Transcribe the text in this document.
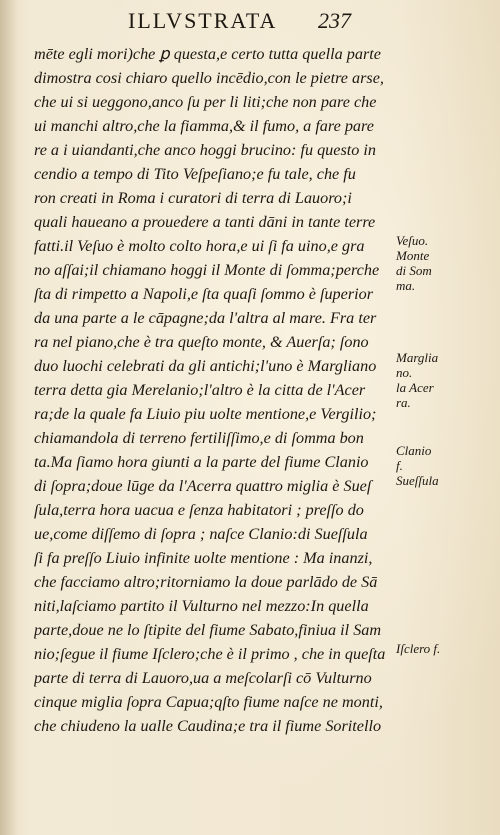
ILLVSTRATA 237
mēte egli mori)che ꝑ questa,e certo tutta quella parte
dimostra cosi chiaro quello incēdio,con le pietre arse,
che ui si ueggono,anco ſu per li liti;che non pare che
ui manchi altro,che la fiamma,& il fumo, a fare pare
re a i uiandanti,che anco hoggi brucino: fu questo in
cendio a tempo di Tito Veſpeſiano;e fu tale, che fu
ron creati in Roma i curatori di terra di Lauoro;i
quali haueano a prouedere a tanti dāni in tante terre
fatti.il Veſuo è molto colto hora,e ui ſi fa uino,e gra
no aſſai;il chiamano hoggi il Monte di ſomma;perche
ſta di rimpetto a Napoli,e ſta quaſi ſommo è ſuperior
da una parte a le cāpagne;da l'altra al mare. Fra ter
ra nel piano,che è tra queſto monte, & Auerſa; ſono
duo luochi celebrati da gli antichi;l'uno è Margliano
terra detta gia Merelanio;l'altro è la citta de l'Acer
ra;de la quale fa Liuio piu uolte mentione,e Vergilio;
chiamandola di terreno fertiliſſimo,e di ſomma bon
ta.Ma ſiamo hora giunti a la parte del fiume Clanio
di ſopra;doue lūge da l'Acerra quattro miglia è Sueſ
ſula,terra hora uacua e ſenza habitatori ; preſſo do
ue,come diſſemo di ſopra ; naſce Clanio:di Sueſſula
ſi fa preſſo Liuio infinite uolte mentione : Ma inanzi,
che facciamo altro;ritorniamo la doue parlādo de Sā
niti,laſciamo partito il Vulturno nel mezzo:In quella
parte,doue ne lo ſtipite del fiume Sabato,finiua il Sam
nio;ſegue il fiume Iſclero;che è il primo , che in queſta
parte di terra di Lauoro,ua a meſcolarſi cō Vulturno
cinque miglia ſopra Capua;qſto fiume naſce ne monti,
che chiudeno la ualle Caudina;e tra il fiume Soritello
Veſuo.
Monte
di Som
ma.
Marglia
no.
la Acer
ra.
Clanio
f.
Sueſſula
Iſclero f.
